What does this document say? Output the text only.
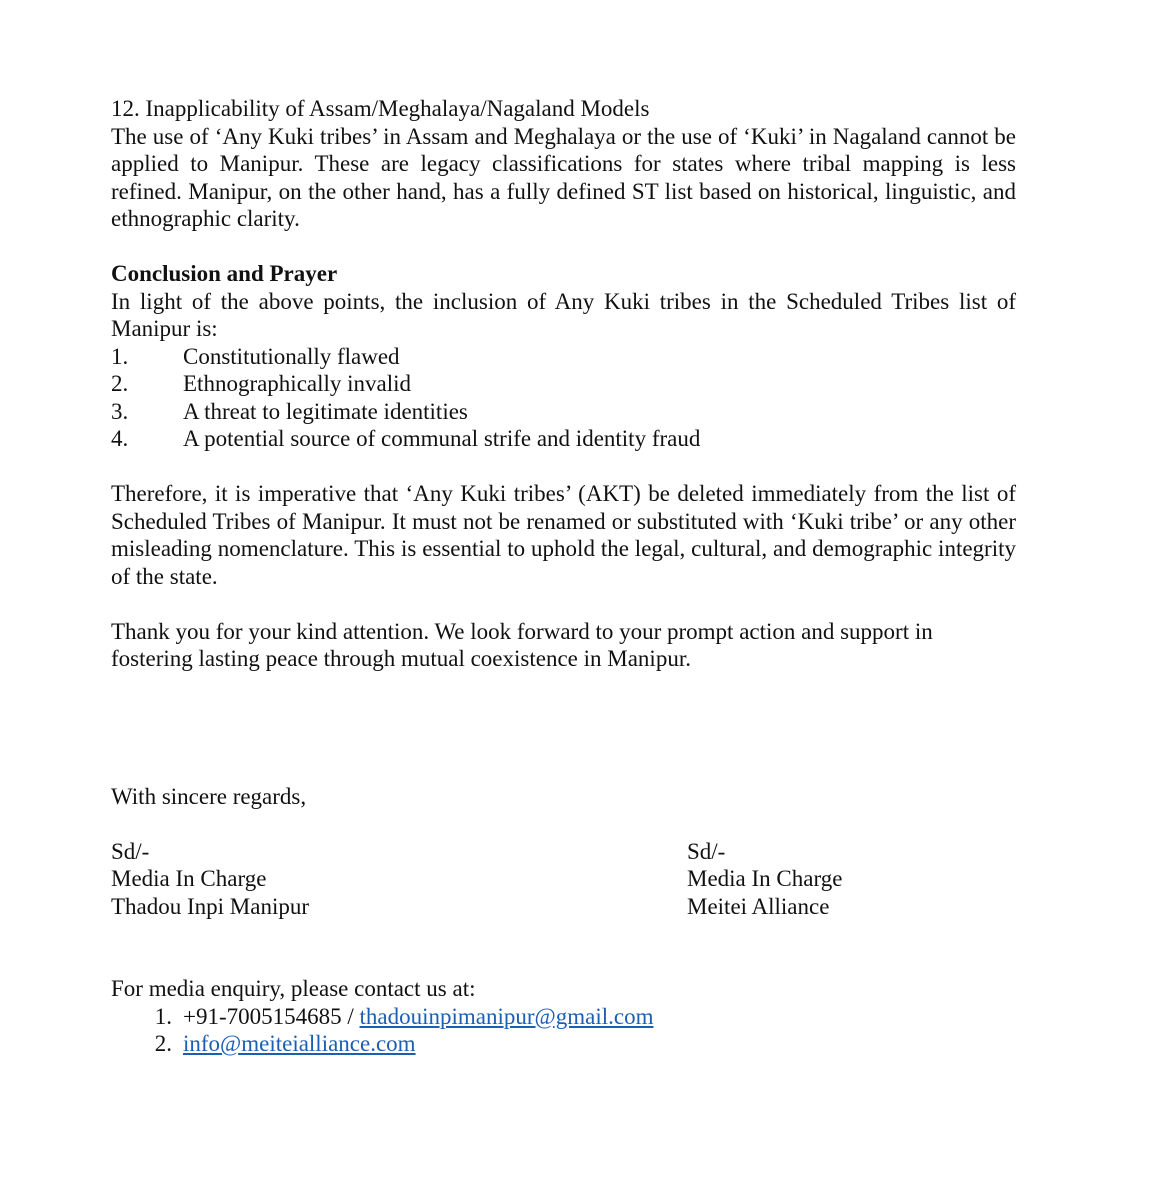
12. Inapplicability of Assam/Meghalaya/Nagaland Models

The use of ‘Any Kuki tribes’ in Assam and Meghalaya or the use of ‘Kuki’ in Nagaland cannot be applied to Manipur. These are legacy classifications for states where tribal mapping is less refined. Manipur, on the other hand, has a fully defined ST list based on historical, linguistic, and ethnographic clarity.

Conclusion and Prayer

In light of the above points, the inclusion of Any Kuki tribes in the Scheduled Tribes list of Manipur is:

1.	Constitutionally flawed
2.	Ethnographically invalid
3.	A threat to legitimate identities
4.	A potential source of communal strife and identity fraud

Therefore, it is imperative that ‘Any Kuki tribes’ (AKT) be deleted immediately from the list of Scheduled Tribes of Manipur. It must not be renamed or substituted with ‘Kuki tribe’ or any other misleading nomenclature. This is essential to uphold the legal, cultural, and demographic integrity of the state.

Thank you for your kind attention. We look forward to your prompt action and support in fostering lasting peace through mutual coexistence in Manipur.

With sincere regards,

Sd/-

Media In Charge

Thadou Inpi Manipur

Sd/-

Media In Charge

Meitei Alliance

For media enquiry, please contact us at:

1. +91-7005154685 / thadouinpimanipur@gmail.com
2. info@meiteialliance.com
